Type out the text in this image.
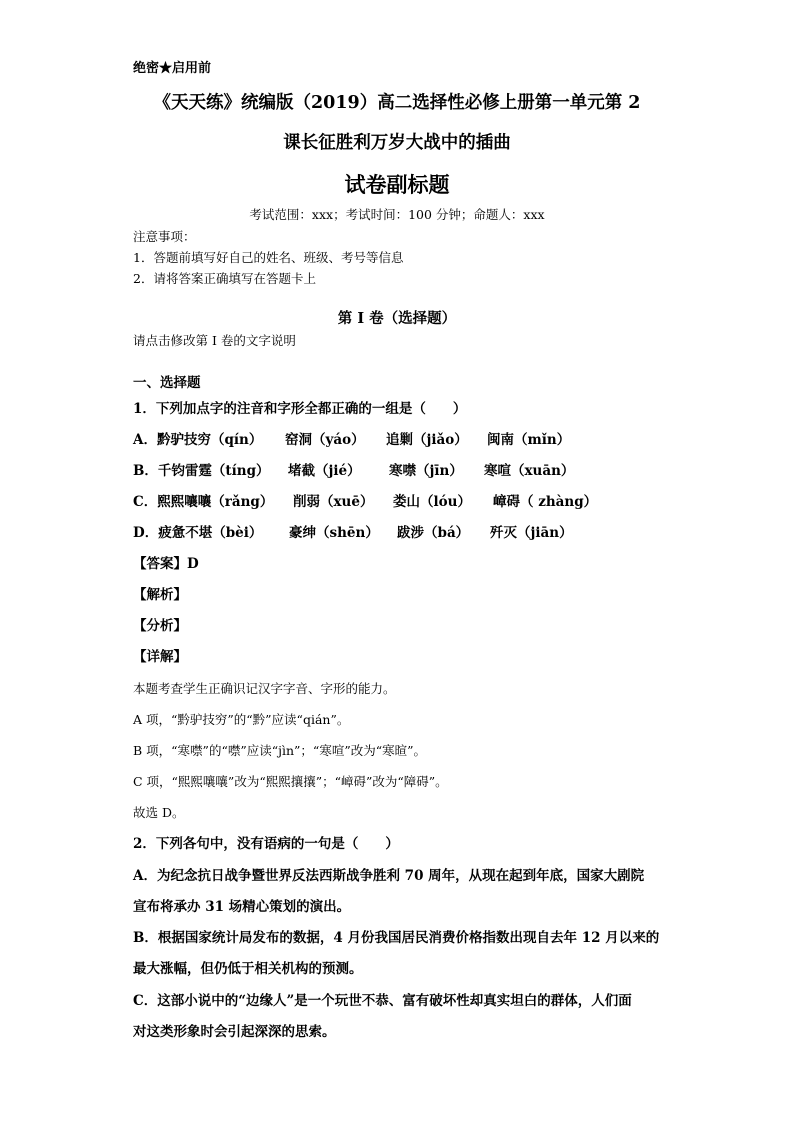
绝密★启用前
《天天练》统编版（2019）高二选择性必修上册第一单元第 2
课长征胜利万岁大战中的插曲
试卷副标题
考试范围：xxx；考试时间：100 分钟；命题人：xxx
注意事项：
1．答题前填写好自己的姓名、班级、考号等信息
2．请将答案正确填写在答题卡上
第 I 卷（选择题）
请点击修改第 I 卷的文字说明
一、选择题
1．下列加点字的注音和字形全都正确的一组是（　　）
A．黔驴技穷（qín） 窑洞（yáo） 追剿（jiǎo） 闽南（mǐn）
B．千钧雷霆（tíng） 堵截（jié） 寒噤（jīn） 寒喧（xuān）
C．熙熙嚷嚷（rǎng） 削弱（xuē） 娄山（lóu） 嶂碍（ zhàng）
D．疲惫不堪（bèi） 豪绅（shēn） 跋涉（bá） 歼灭（jiān）
【答案】D
【解析】
【分析】
【详解】
本题考查学生正确识记汉字字音、字形的能力。
A 项，“黔驴技穷”的“黔”应读“qián”。
B 项，“寒噤”的“噤”应读“jìn”；“寒喧”改为“寒暄”。
C 项，“熙熙嚷嚷”改为“熙熙攘攘”；“嶂碍”改为“障碍”。
故选 D。
2．下列各句中，没有语病的一句是（　　）
A．为纪念抗日战争暨世界反法西斯战争胜利 70 周年，从现在起到年底，国家大剧院
宣布将承办 31 场精心策划的演出。
B．根据国家统计局发布的数据，4 月份我国居民消费价格指数出现自去年 12 月以来的
最大涨幅，但仍低于相关机构的预测。
C．这部小说中的“边缘人”是一个玩世不恭、富有破坏性却真实坦白的群体，人们面
对这类形象时会引起深深的思索。
